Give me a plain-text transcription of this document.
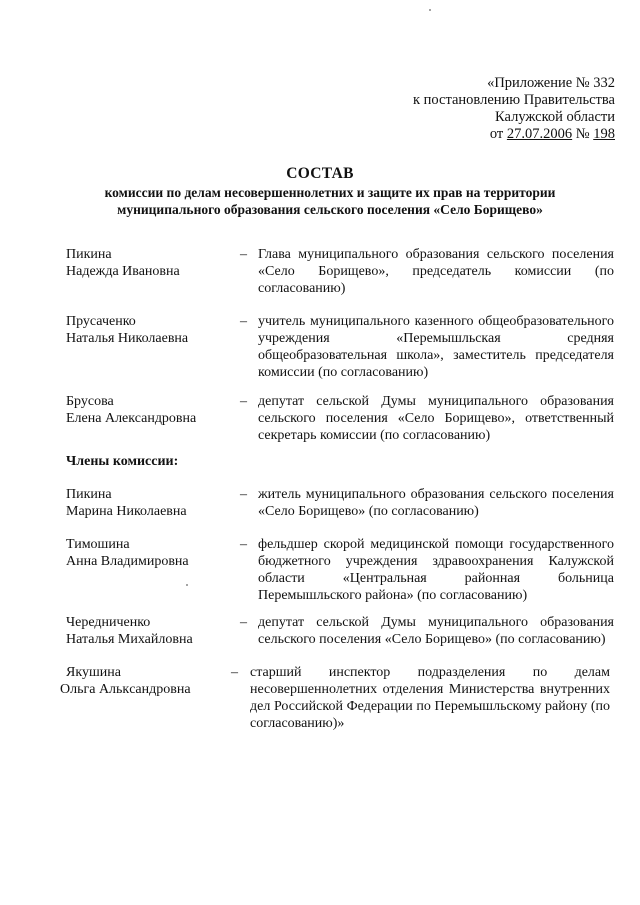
«Приложение № 332
к постановлению Правительства
Калужской области
от 27.07.2006 № 198
СОСТАВ
комиссии по делам несовершеннолетних и защите их прав на территории
муниципального образования сельского поселения «Село Борищево»
Пикина
Надежда Ивановна
– Глава муниципального образования сельского поселения «Село Борищево», председатель комиссии (по согласованию)
Прусаченко
Наталья Николаевна
– учитель муниципального казенного общеобразовательного учреждения «Перемышльская средняя общеобразовательная школа», заместитель председателя комиссии (по согласованию)
Брусова
Елена Александровна
– депутат сельской Думы муниципального образования сельского поселения «Село Борищево», ответственный секретарь комиссии (по согласованию)
Члены комиссии:
Пикина
Марина Николаевна
– житель муниципального образования сельского поселения «Село Борищево» (по согласованию)
Тимошина
Анна Владимировна
– фельдшер скорой медицинской помощи государственного бюджетного учреждения здравоохранения Калужской области «Центральная районная больница Перемышльского района» (по согласованию)
Чередниченко
Наталья Михайловна
– депутат сельской Думы муниципального образования сельского поселения «Село Борищево» (по согласованию)
Якушина
Ольга Алькcандровна
– старший инспектор подразделения по делам несовершеннолетних отделения Министерства внутренних дел Российской Федерации по Перемышльскому району (по согласованию)»
